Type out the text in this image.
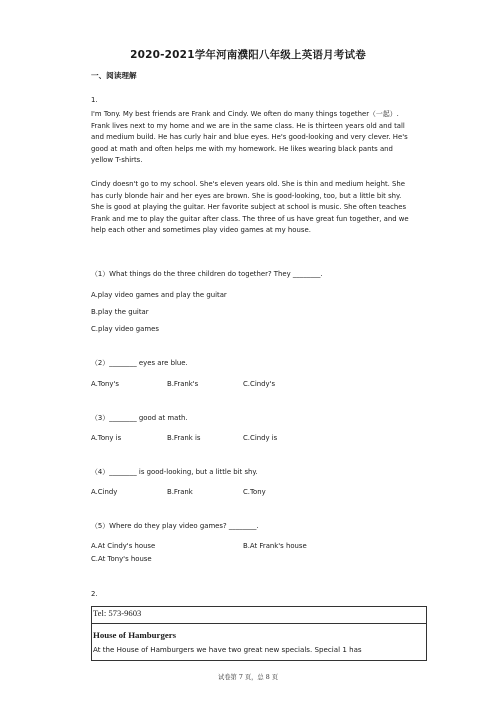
2020-2021学年河南濮阳八年级上英语月考试卷
一、阅读理解
1.
I'm Tony. My best friends are Frank and Cindy. We often do many things together（一起）.
Frank lives next to my home and we are in the same class. He is thirteen years old and tall
and medium build. He has curly hair and blue eyes. He's good-looking and very clever. He's
good at math and often helps me with my homework. He likes wearing black pants and
yellow T-shirts.
Cindy doesn't go to my school. She's eleven years old. She is thin and medium height. She
has curly blonde hair and her eyes are brown. She is good-looking, too, but a little bit shy.
She is good at playing the guitar. Her favorite subject at school is music. She often teaches
Frank and me to play the guitar after class. The three of us have great fun together, and we
help each other and sometimes play video games at my house.
（1）What things do the three children do together? They ________.
A.play video games and play the guitar
B.play the guitar
C.play video games
（2）________ eyes are blue.
A.Tony's	B.Frank's	C.Cindy's
（3）________ good at math.
A.Tony is	B.Frank is	C.Cindy is
（4）________ is good-looking, but a little bit shy.
A.Cindy	B.Frank	C.Tony
（5）Where do they play video games? ________.
A.At Cindy's house	B.At Frank's house
C.At Tony's house
2.
Tel: 573-9603
House of Hamburgers
At the House of Hamburgers we have two great new specials. Special 1 has
试卷第 7 页，总 8 页
